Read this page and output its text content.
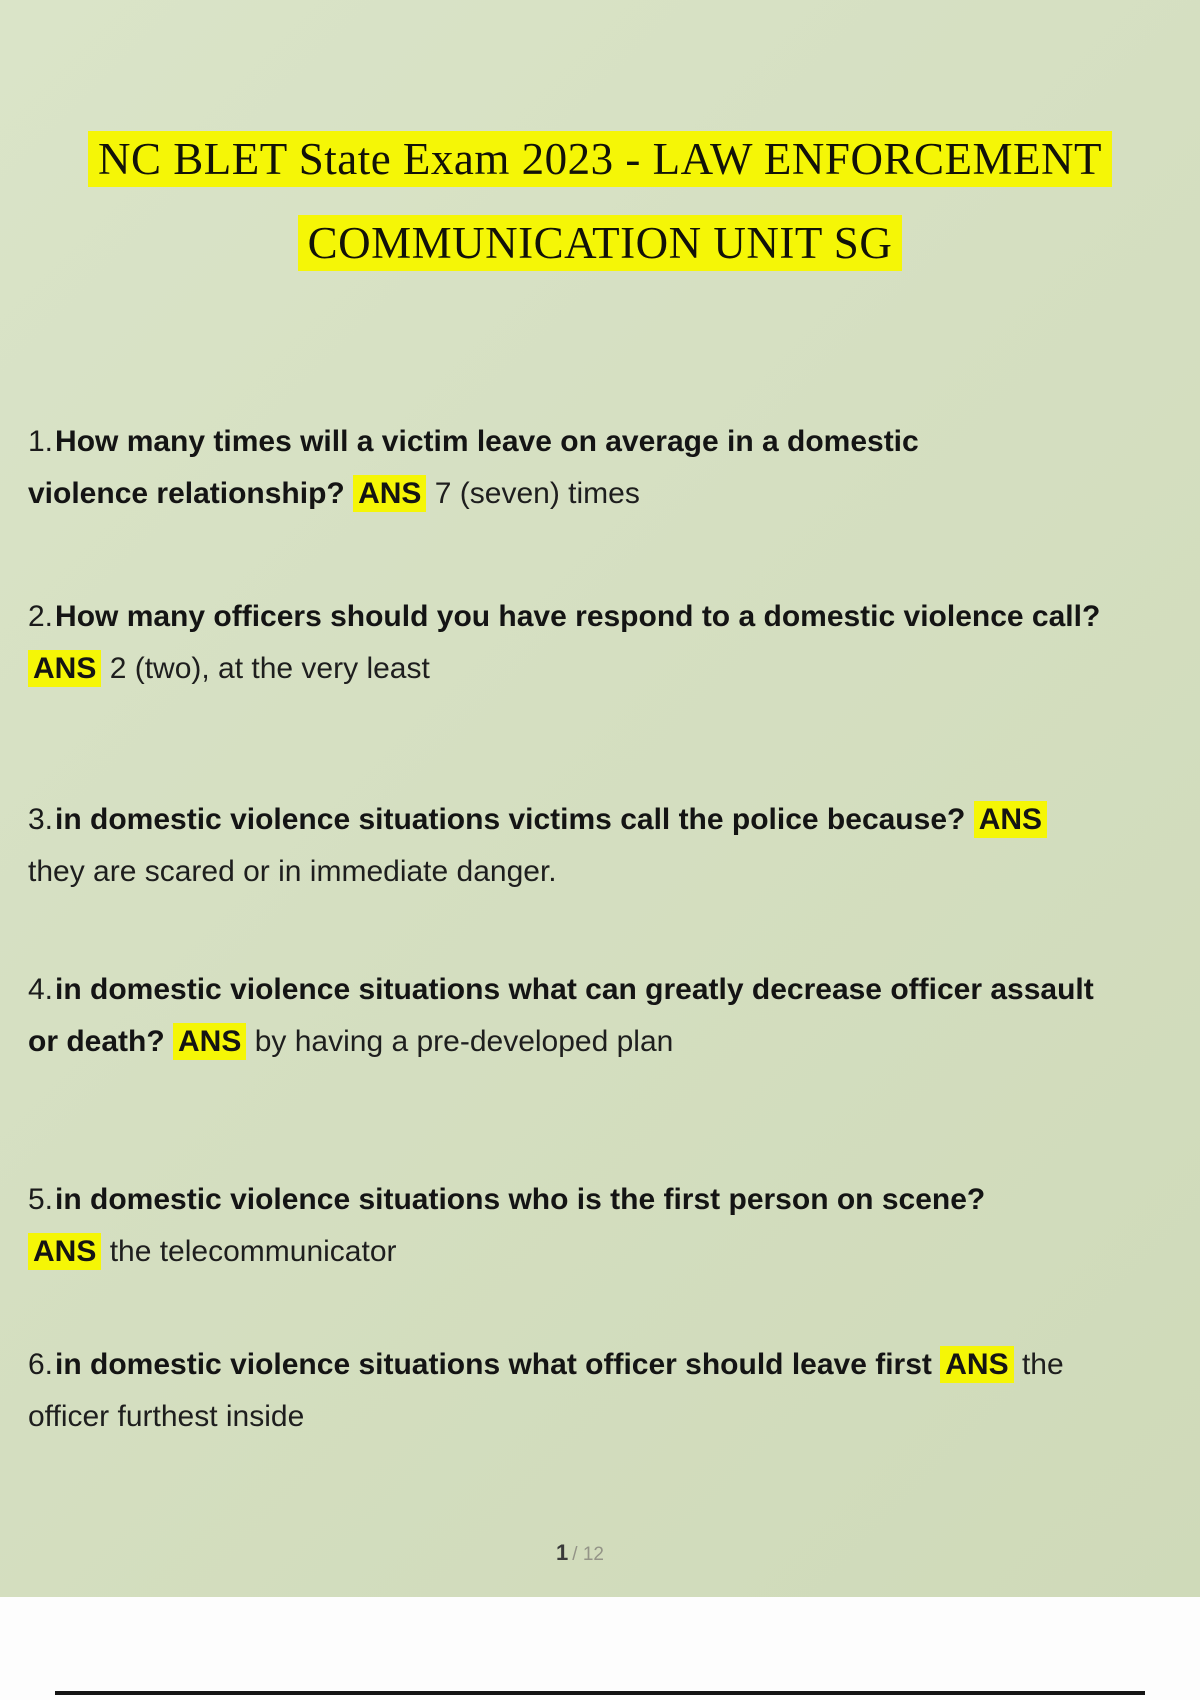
NC BLET State Exam 2023 - LAW ENFORCEMENT
COMMUNICATION UNIT SG
1.How many times will a victim leave on average in a domestic violence relationship? ANS 7 (seven) times
2.How many officers should you have respond to a domestic violence call? ANS 2 (two), at the very least
3.in domestic violence situations victims call the police because? ANS they are scared or in immediate danger.
4.in domestic violence situations what can greatly decrease officer assault or death? ANS by having a pre-developed plan
5.in domestic violence situations who is the first person on scene? ANS the telecommunicator
6.in domestic violence situations what officer should leave first ANS the officer furthest inside
1 / 12
